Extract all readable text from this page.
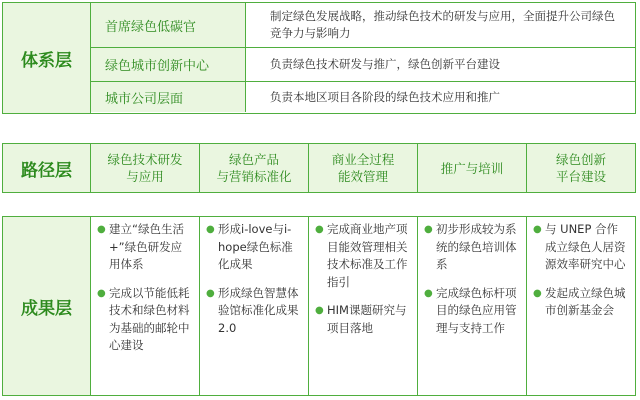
体系层
首席绿色低碳官
制定绿色发展战略，推动绿色技术的研发与应用，全面提升公司绿色竞争力与影响力
绿色城市创新中心	负责绿色技术研发与推广，绿色创新平台建设
城市公司层面	负责本地区项目各阶段的绿色技术应用和推广
路径层
绿色技术研发
与应用
绿色产品
与营销标准化
商业全过程
能效管理
推广与培训
绿色创新
平台建设
成果层
● 建立“绿色生活+”绿色研发应用体系
● 完成以节能低耗技术和绿色材料为基础的邮轮中心建设
● 形成i-love与i-hope绿色标准化成果
● 形成绿色智慧体验馆标准化成果2.0
● 完成商业地产项目能效管理相关技术标准及工作指引
● HIM课题研究与项目落地
● 初步形成较为系统的绿色培训体系
● 完成绿色标杆项目的绿色应用管理与支持工作
● 与 UNEP 合作成立绿色人居资源效率研究中心
● 发起成立绿色城市创新基金会
